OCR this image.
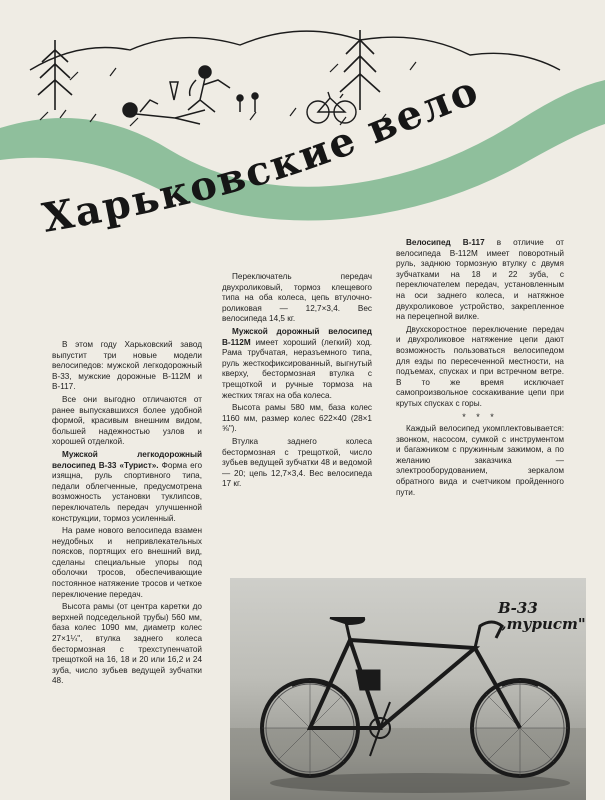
Харьковские вело

В этом году Харьковский завод выпустит три новые модели велосипедов: мужской легкодорожный В-33, мужские дорожные В-112М и В-117.

Все они выгодно отличаются от ранее выпускавшихся более удобной формой, красивым внешним видом, большей надежностью узлов и хорошей отделкой.

Мужской легкодорожный велосипед В-33 «Турист». Форма его изящна, руль спортивного типа, педали облегченные, предусмотрена возможность установки туклипсов, переключатель передач улучшенной конструкции, тормоз усиленный.

На раме нового велосипеда взамен неудобных и непривлекательных поясков, портящих его внешний вид, сделаны специальные упоры под оболочки тросов, обеспечивающие постоянное натяжение тросов и четкое переключение передач.

Высота рамы (от центра каретки до верхней подседельной трубы) 560 мм, база колес 1090 мм, диаметр колес 27×1¼", втулка заднего колеса бестормозная с трехступенчатой трещоткой на 16, 18 и 20 или 16,2 и 24 зуба, число зубьев ведущей зубчатки 48.

Переключатель передач двухроликовый, тормоз клещевого типа на оба колеса, цепь втулочно-роликовая — 12,7×3,4. Вес велосипеда 14,5 кг.

Мужской дорожный велосипед В-112М имеет хороший (легкий) ход. Рама трубчатая, неразъемного типа, руль жесткофиксированный, выгнутый кверху, бестормозная втулка с трещоткой и ручные тормоза на жестких тягах на оба колеса.

Высота рамы 580 мм, база колес 1160 мм, размер колес 622×40 (28×1 ⅝").

Втулка заднего колеса бестормозная с трещоткой, число зубьев ведущей зубчатки 48 и ведомой — 20; цепь 12,7×3,4. Вес велосипеда 17 кг.

Велосипед В-117 в отличие от велосипеда В-112М имеет поворотный руль, заднюю тормозную втулку с двумя зубчатками на 18 и 22 зуба, с переключателем передач, установленным на оси заднего колеса, и натяжное двухроликовое устройство, закрепленное на перецепной вилке.

Двухскоростное переключение передач и двухроликовое натяжение цепи дают возможность пользоваться велосипедом для езды по пересеченной местности, на подъемах, спусках и при встречном ветре. В то же время исключает самопроизвольное соскакивание цепи при крутых спусках с горы.

* * *

Каждый велосипед укомплектовывается: звонком, насосом, сумкой с инструментом и багажником с пружинным зажимом, а по желанию заказчика — электрооборудованием, зеркалом обратного вида и счетчиком пройденного пути.

В-33
„турист"
